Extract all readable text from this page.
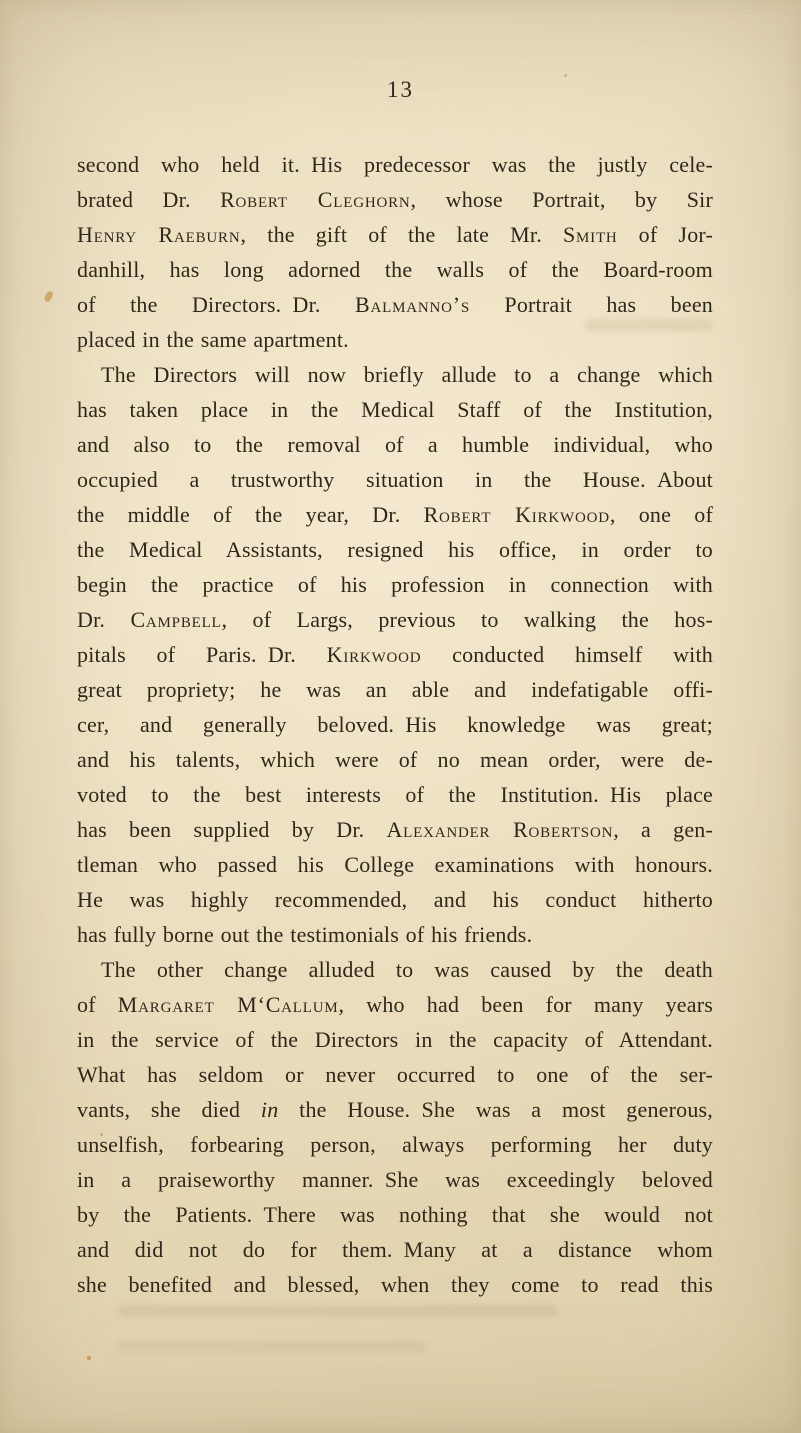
13
second who held it. His predecessor was the justly cele-
brated Dr. Robert Cleghorn, whose Portrait, by Sir
Henry Raeburn, the gift of the late Mr. Smith of Jor-
danhill, has long adorned the walls of the Board-room
of the Directors. Dr. Balmanno’s Portrait has been
placed in the same apartment.
The Directors will now briefly allude to a change which
has taken place in the Medical Staff of the Institution,
and also to the removal of a humble individual, who
occupied a trustworthy situation in the House. About
the middle of the year, Dr. Robert Kirkwood, one of
the Medical Assistants, resigned his office, in order to
begin the practice of his profession in connection with
Dr. Campbell, of Largs, previous to walking the hos-
pitals of Paris. Dr. Kirkwood conducted himself with
great propriety; he was an able and indefatigable offi-
cer, and generally beloved. His knowledge was great;
and his talents, which were of no mean order, were de-
voted to the best interests of the Institution. His place
has been supplied by Dr. Alexander Robertson, a gen-
tleman who passed his College examinations with honours.
He was highly recommended, and his conduct hitherto
has fully borne out the testimonials of his friends.
The other change alluded to was caused by the death
of Margaret M‘Callum, who had been for many years
in the service of the Directors in the capacity of Attendant.
What has seldom or never occurred to one of the ser-
vants, she died in the House. She was a most generous,
unselfish, forbearing person, always performing her duty
in a praiseworthy manner. She was exceedingly beloved
by the Patients. There was nothing that she would not
and did not do for them. Many at a distance whom
she benefited and blessed, when they come to read this
